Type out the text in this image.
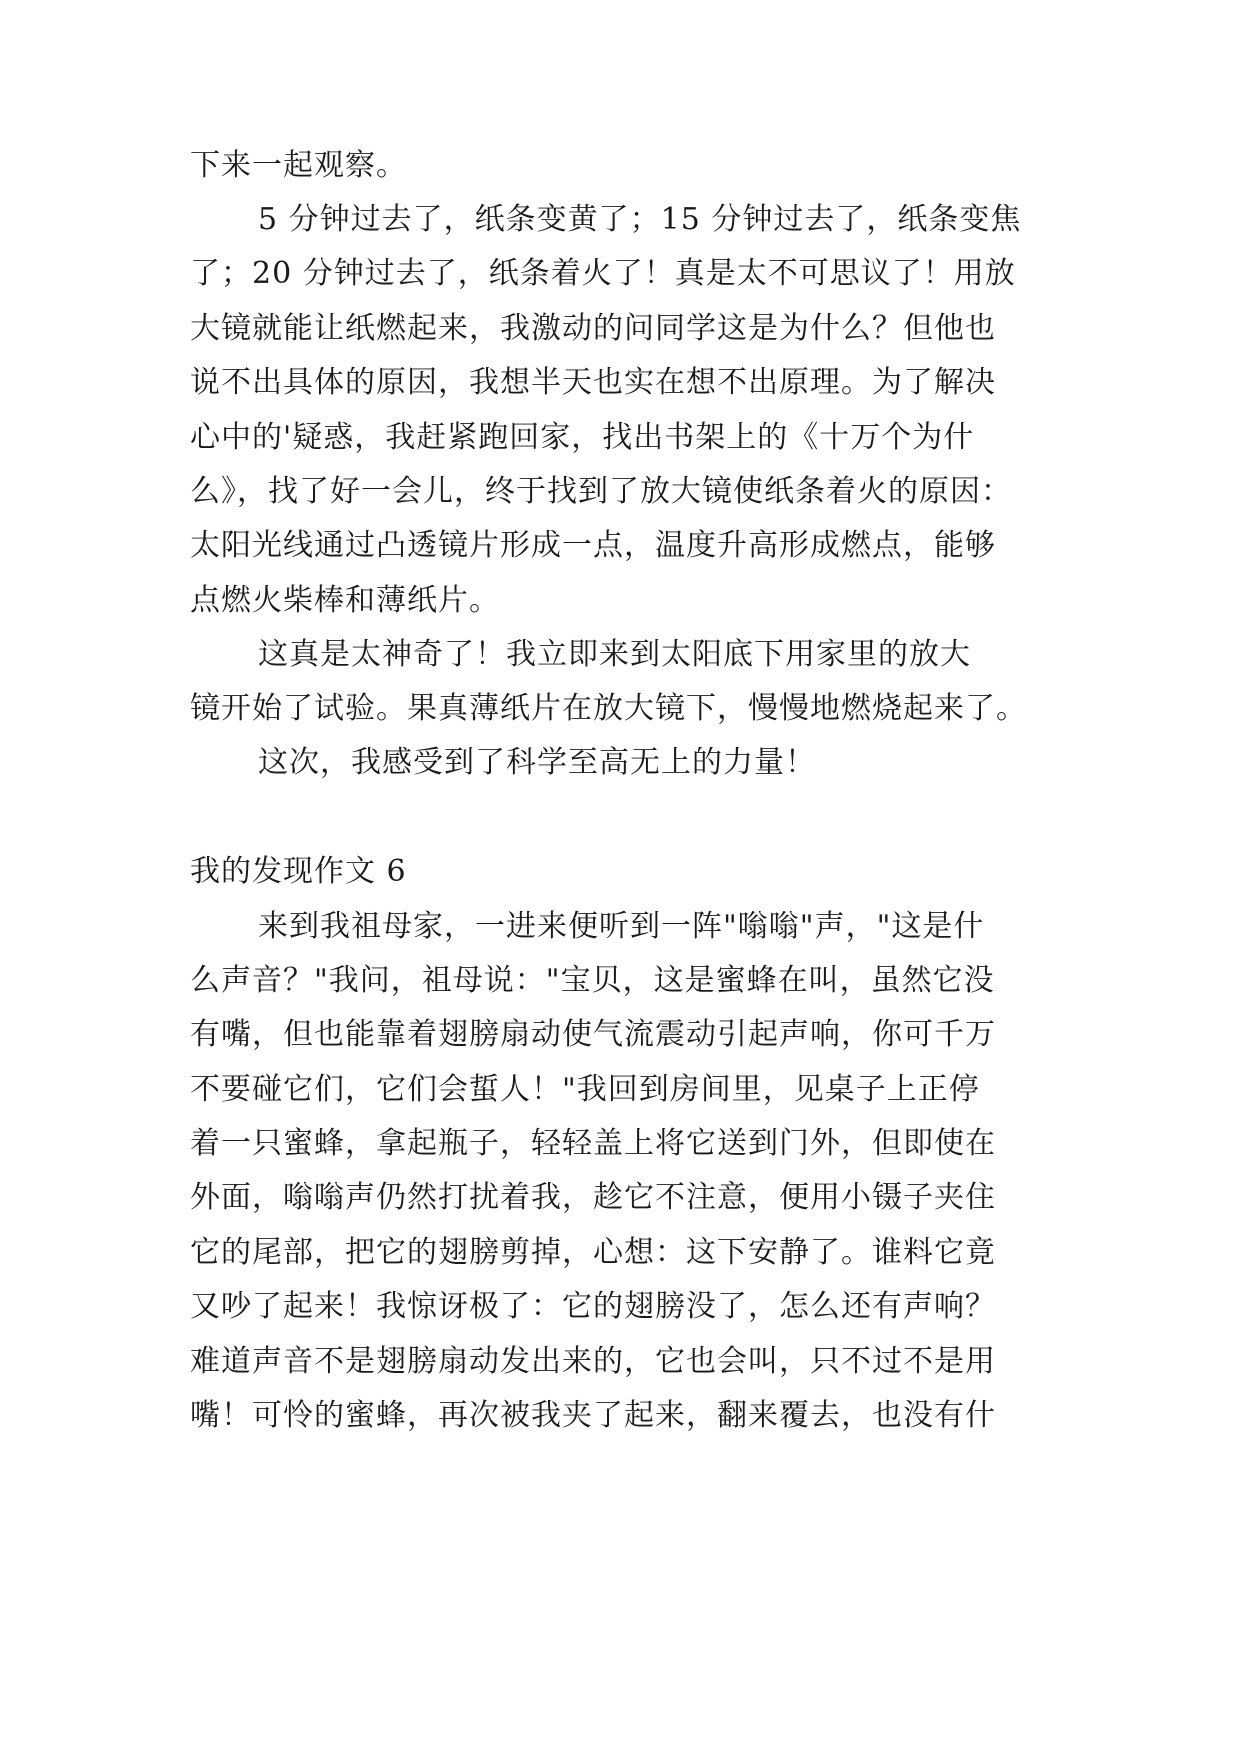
下来一起观察。
5 分钟过去了，纸条变黄了；15 分钟过去了，纸条变焦
了；20 分钟过去了，纸条着火了！真是太不可思议了！用放
大镜就能让纸燃起来，我激动的问同学这是为什么？但他也
说不出具体的原因，我想半天也实在想不出原理。为了解决
心中的'疑惑，我赶紧跑回家，找出书架上的《十万个为什
么》，找了好一会儿，终于找到了放大镜使纸条着火的原因：
太阳光线通过凸透镜片形成一点，温度升高形成燃点，能够
点燃火柴棒和薄纸片。
这真是太神奇了！我立即来到太阳底下用家里的放大
镜开始了试验。果真薄纸片在放大镜下，慢慢地燃烧起来了。
这次，我感受到了科学至高无上的力量！
我的发现作文 6
来到我祖母家，一进来便听到一阵"嗡嗡"声，"这是什
么声音？"我问，祖母说："宝贝，这是蜜蜂在叫，虽然它没
有嘴，但也能靠着翅膀扇动使气流震动引起声响，你可千万
不要碰它们，它们会蜇人！"我回到房间里，见桌子上正停
着一只蜜蜂，拿起瓶子，轻轻盖上将它送到门外，但即使在
外面，嗡嗡声仍然打扰着我，趁它不注意，便用小镊子夹住
它的尾部，把它的翅膀剪掉，心想：这下安静了。谁料它竟
又吵了起来！我惊讶极了：它的翅膀没了，怎么还有声响？
难道声音不是翅膀扇动发出来的，它也会叫，只不过不是用
嘴！可怜的蜜蜂，再次被我夹了起来，翻来覆去，也没有什
